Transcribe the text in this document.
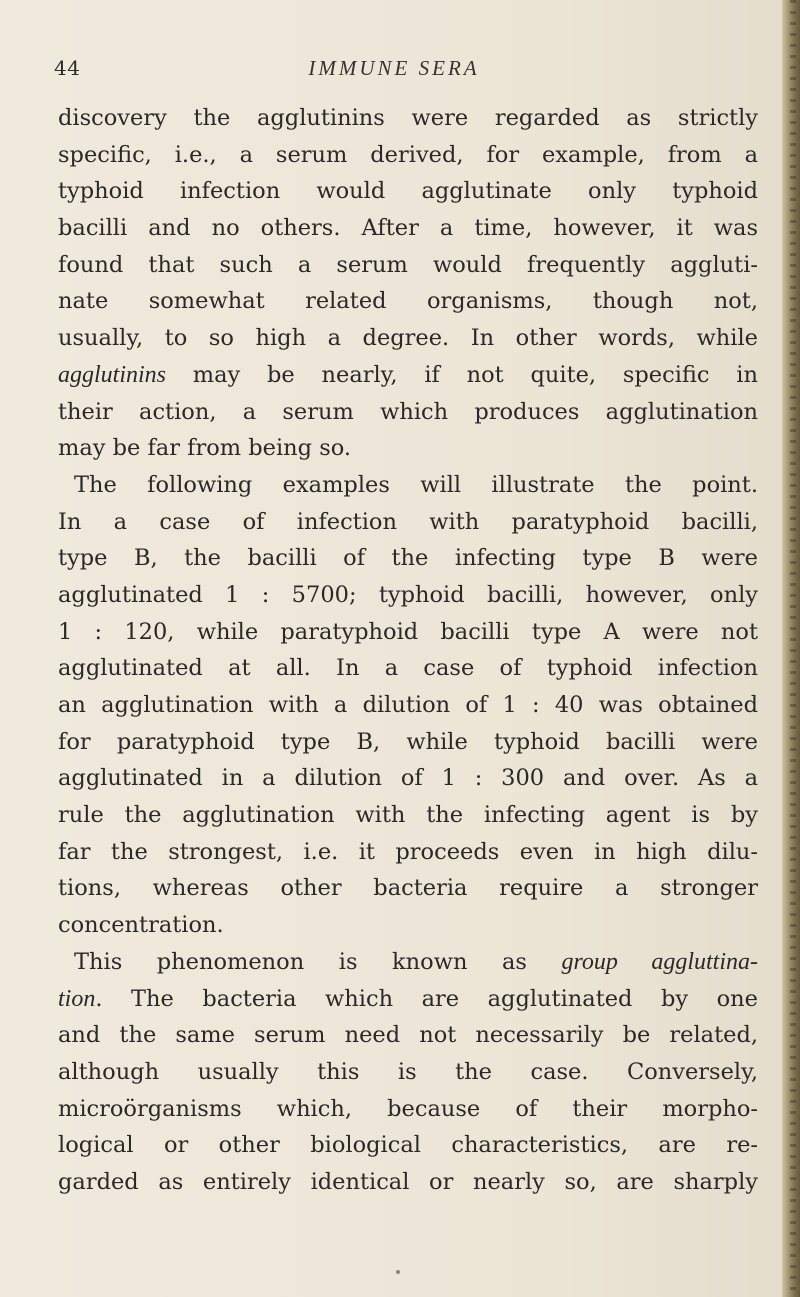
44	IMMUNE SERA
discovery the agglutinins were regarded as strictly
specific, i.e., a serum derived, for example, from a
typhoid infection would agglutinate only typhoid
bacilli and no others. After a time, however, it was
found that such a serum would frequently aggluti-
nate somewhat related organisms, though not,
usually, to so high a degree. In other words, while
agglutinins may be nearly, if not quite, specific in
their action, a serum which produces agglutination
may be far from being so.
The following examples will illustrate the point.
In a case of infection with paratyphoid bacilli,
type B, the bacilli of the infecting type B were
agglutinated 1 : 5700; typhoid bacilli, however, only
1 : 120, while paratyphoid bacilli type A were not
agglutinated at all. In a case of typhoid infection
an agglutination with a dilution of 1 : 40 was obtained
for paratyphoid type B, while typhoid bacilli were
agglutinated in a dilution of 1 : 300 and over. As a
rule the agglutination with the infecting agent is by
far the strongest, i.e. it proceeds even in high dilu-
tions, whereas other bacteria require a stronger
concentration.
This phenomenon is known as group aggluttina-
tion. The bacteria which are agglutinated by one
and the same serum need not necessarily be related,
although usually this is the case. Conversely,
microörganisms which, because of their morpho-
logical or other biological characteristics, are re-
garded as entirely identical or nearly so, are sharply
